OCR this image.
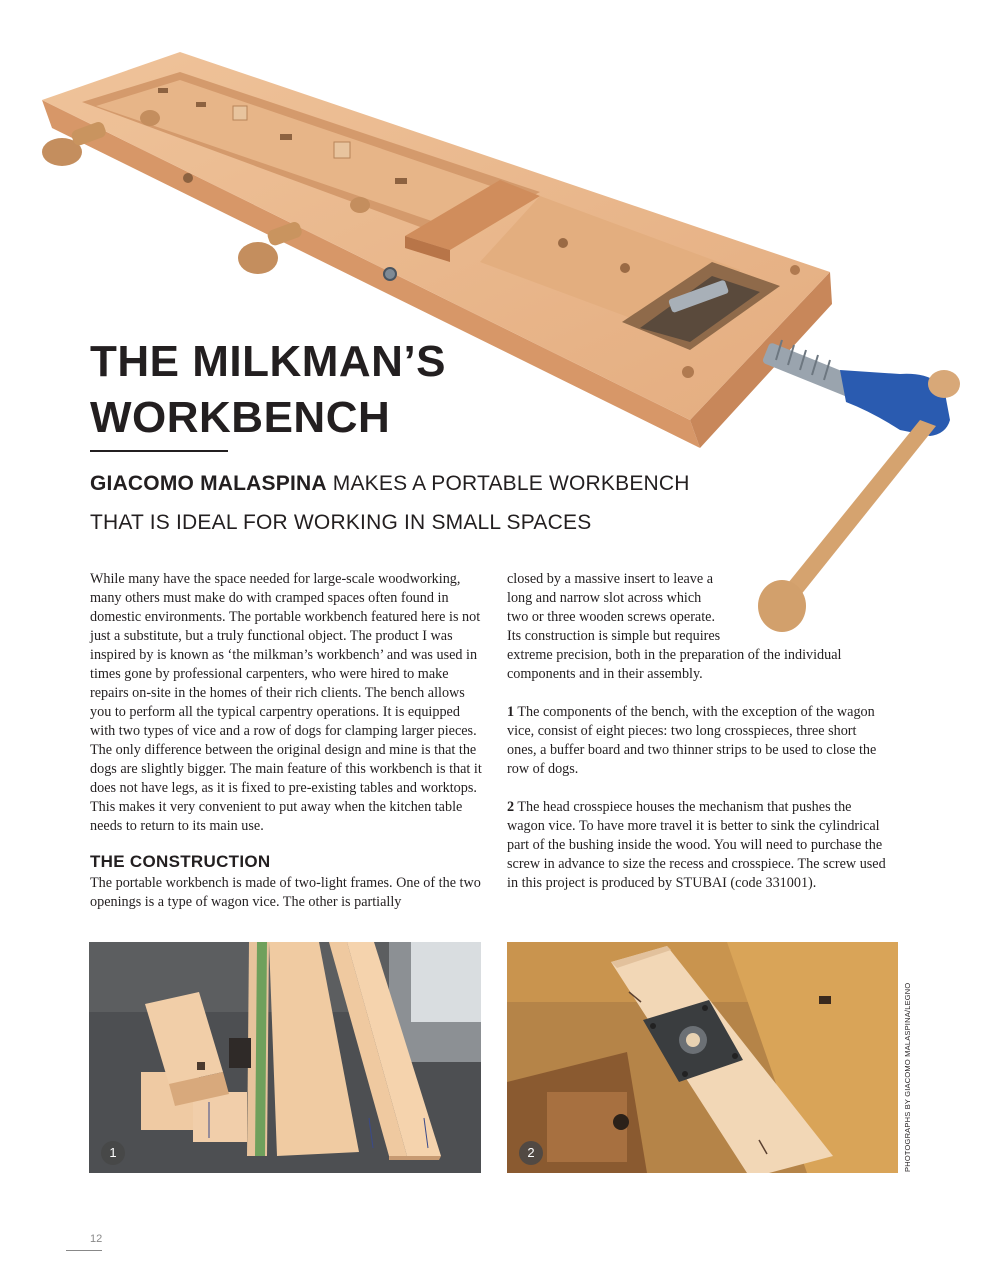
THE MILKMAN’S
WORKBENCH

GIACOMO MALASPINA MAKES A PORTABLE WORKBENCH
THAT IS IDEAL FOR WORKING IN SMALL SPACES

While many have the space needed for large-scale woodworking, many others must make do with cramped spaces often found in domestic environments. The portable workbench featured here is not just a substitute, but a truly functional object. The product I was inspired by is known as ‘the milkman’s workbench’ and was used in times gone by professional carpenters, who were hired to make repairs on-site in the homes of their rich clients. The bench allows you to perform all the typical carpentry operations. It is equipped with two types of vice and a row of dogs for clamping larger pieces. The only difference between the original design and mine is that the dogs are slightly bigger. The main feature of this workbench is that it does not have legs, as it is fixed to pre-existing tables and worktops. This makes it very convenient to put away when the kitchen table needs to return to its main use.

THE CONSTRUCTION

The portable workbench is made of two-light frames. One of the two openings is a type of wagon vice. The other is partially

closed by a massive insert to leave a
long and narrow slot across which
two or three wooden screws operate.
Its construction is simple but requires
extreme precision, both in the preparation of the individual components and in their assembly.

1 The components of the bench, with the exception of the wagon vice, consist of eight pieces: two long crosspieces, three short ones, a buffer board and two thinner strips to be used to close the row of dogs.

2 The head crosspiece houses the mechanism that pushes the wagon vice. To have more travel it is better to sink the cylindrical part of the bushing inside the wood. You will need to purchase the screw in advance to size the recess and crosspiece. The screw used in this project is produced by STUBAI (code 331001).

1	2	PHOTOGRAPHS BY GIACOMO MALASPINA/LEGNO
12
